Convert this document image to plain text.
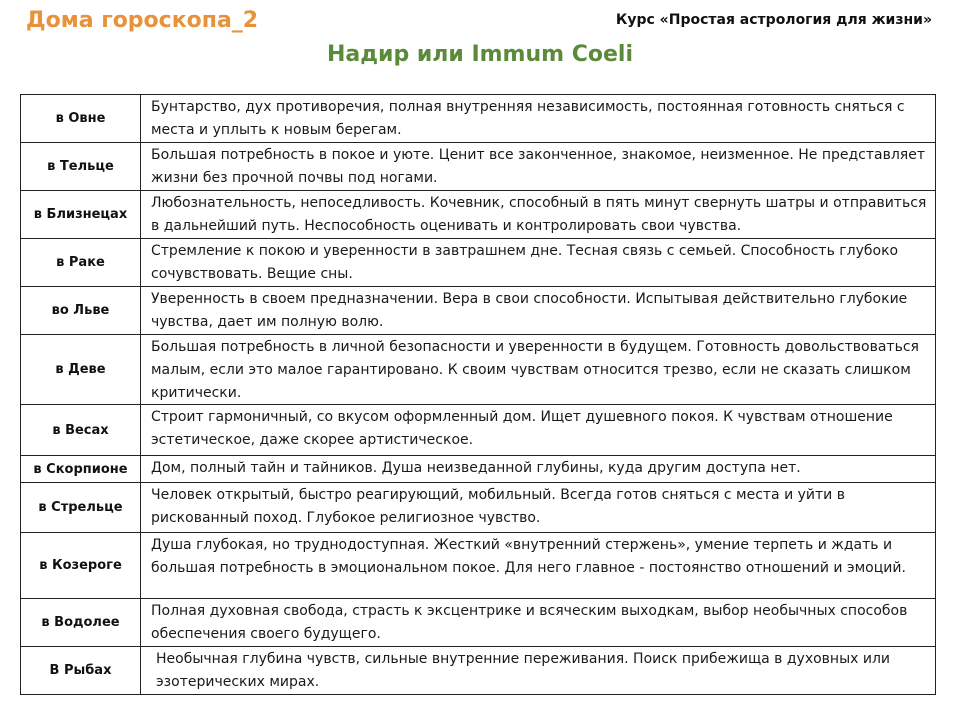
Дома гороскопа_2	Курс «Простая астрология для жизни»
Надир или Immum Coeli
в Овне	Бунтарство, дух противоречия, полная внутренняя независимость, постоянная готовность сняться с места и уплыть к новым берегам.

в Тельце	Большая потребность в покое и уюте. Ценит все законченное, знакомое, неизменное. Не представляет жизни без прочной почвы под ногами.

в Близнецах	Любознательность, непоседливость. Кочевник, способный в пять минут свернуть шатры и отправиться в дальнейший путь. Неспособность оценивать и контролировать свои чувства.

в Раке	Стремление к покою и уверенности в завтрашнем дне. Тесная связь с семьей. Способность глубоко сочувствовать. Вещие сны.

во Льве	Уверенность в своем предназначении. Вера в свои способности. Испытывая действительно глубокие чувства, дает им полную волю.

в Деве	Большая потребность в личной безопасности и уверенности в будущем. Готовность довольствоваться малым, если это малое гарантировано. К своим чувствам относится трезво, если не сказать слишком критически.

в Весах	Строит гармоничный, со вкусом оформленный дом. Ищет душевного покоя. К чувствам отношение эстетическое, даже скорее артистическое.

в Скорпионе	Дом, полный тайн и тайников. Душа неизведанной глубины, куда другим доступа нет.

в Стрельце	Человек открытый, быстро реагирующий, мобильный. Всегда готов сняться с места и уйти в рискованный поход. Глубокое религиозное чувство.

в Козероге	Душа глубокая, но труднодоступная. Жесткий «внутренний стержень», умение терпеть и ждать и большая потребность в эмоциональном покое. Для него главное - постоянство отношений и эмоций.

в Водолее	Полная духовная свобода, страсть к эксцентрике и всяческим выходкам, выбор необычных способов обеспечения своего будущего.

В Рыбах	Необычная глубина чувств, сильные внутренние переживания. Поиск прибежища в духовных или эзотерических мирах.
